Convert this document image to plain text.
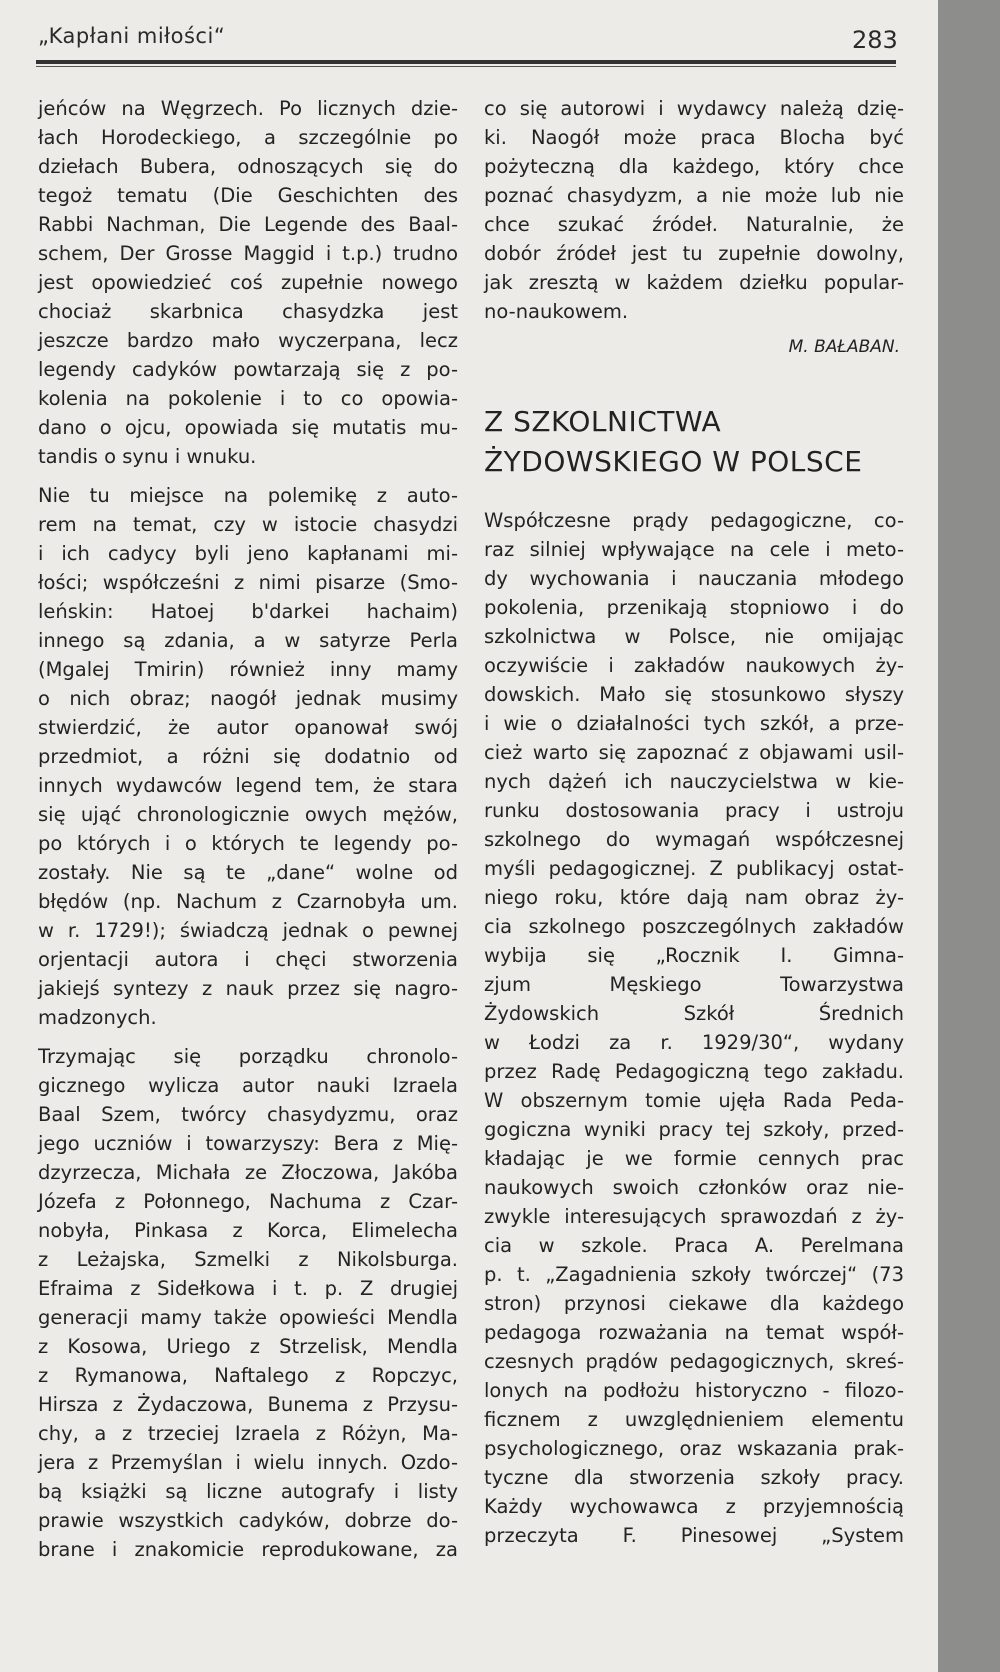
„Kapłani miłości“	283
jeńców na Węgrzech. Po licznych dzie-
łach Horodeckiego, a szczególnie po
dziełach Bubera, odnoszących się do
tegoż tematu (Die Geschichten des
Rabbi Nachman, Die Legende des Baal-
schem, Der Grosse Maggid i t.p.) trudno
jest opowiedzieć coś zupełnie nowego
chociaż skarbnica chasydzka jest
jeszcze bardzo mało wyczerpana, lecz
legendy cadyków powtarzają się z po-
kolenia na pokolenie i to co opowia-
dano o ojcu, opowiada się mutatis mu-
tandis o synu i wnuku.
Nie tu miejsce na polemikę z auto-
rem na temat, czy w istocie chasydzi
i ich cadycy byli jeno kapłanami mi-
łości; współcześni z nimi pisarze (Smo-
leńskin: Hatoej b'darkei hachaim)
innego są zdania, a w satyrze Perla
(Mgalej Tmirin) również inny mamy
o nich obraz; naogół jednak musimy
stwierdzić, że autor opanował swój
przedmiot, a różni się dodatnio od
innych wydawców legend tem, że stara
się ująć chronologicznie owych mężów,
po których i o których te legendy po-
zostały. Nie są te „dane“ wolne od
błędów (np. Nachum z Czarnobyła um.
w r. 1729!); świadczą jednak o pewnej
orjentacji autora i chęci stworzenia
jakiejś syntezy z nauk przez się nagro-
madzonych.
Trzymając się porządku chronolo-
gicznego wylicza autor nauki Izraela
Baal Szem, twórcy chasydyzmu, oraz
jego uczniów i towarzyszy: Bera z Mię-
dzyrzecza, Michała ze Złoczowa, Jakóba
Józefa z Połonnego, Nachuma z Czar-
nobyła, Pinkasa z Korca, Elimelecha
z Leżajska, Szmelki z Nikolsburga.
Efraima z Sidełkowa i t. p. Z drugiej
generacji mamy także opowieści Mendla
z Kosowa, Uriego z Strzelisk, Mendla
z Rymanowa, Naftalego z Ropczyc,
Hirsza z Żydaczowa, Bunema z Przysu-
chy, a z trzeciej Izraela z Różyn, Ma-
jera z Przemyślan i wielu innych. Ozdo-
bą książki są liczne autografy i listy
prawie wszystkich cadyków, dobrze do-
brane i znakomicie reprodukowane, za
co się autorowi i wydawcy należą dzię-
ki. Naogół może praca Blocha być
pożyteczną dla każdego, który chce
poznać chasydyzm, a nie może lub nie
chce szukać źródeł. Naturalnie, że
dobór źródeł jest tu zupełnie dowolny,
jak zresztą w każdem dziełku popular-
no-naukowem.
M. BAŁABAN.
Z SZKOLNICTWA
ŻYDOWSKIEGO W POLSCE
Współczesne prądy pedagogiczne, co-
raz silniej wpływające na cele i meto-
dy wychowania i nauczania młodego
pokolenia, przenikają stopniowo i do
szkolnictwa w Polsce, nie omijając
oczywiście i zakładów naukowych ży-
dowskich. Mało się stosunkowo słyszy
i wie o działalności tych szkół, a prze-
cież warto się zapoznać z objawami usil-
nych dążeń ich nauczycielstwa w kie-
runku dostosowania pracy i ustroju
szkolnego do wymagań współczesnej
myśli pedagogicznej. Z publikacyj ostat-
niego roku, które dają nam obraz ży-
cia szkolnego poszczególnych zakładów
wybija się „Rocznik I. Gimna-
zjum Męskiego Towarzystwa
Żydowskich Szkół Średnich
w Łodzi za r. 1929/30“, wydany
przez Radę Pedagogiczną tego zakładu.
W obszernym tomie ujęła Rada Peda-
gogiczna wyniki pracy tej szkoły, przed-
kładając je we formie cennych prac
naukowych swoich członków oraz nie-
zwykle interesujących sprawozdań z ży-
cia w szkole. Praca A. Perelmana
p. t. „Zagadnienia szkoły twórczej“ (73
stron) przynosi ciekawe dla każdego
pedagoga rozważania na temat współ-
czesnych prądów pedagogicznych, skreś-
lonych na podłożu historyczno - filozo-
ficznem z uwzględnieniem elementu
psychologicznego, oraz wskazania prak-
tyczne dla stworzenia szkoły pracy.
Każdy wychowawca z przyjemnością
przeczyta F. Pinesowej „System
